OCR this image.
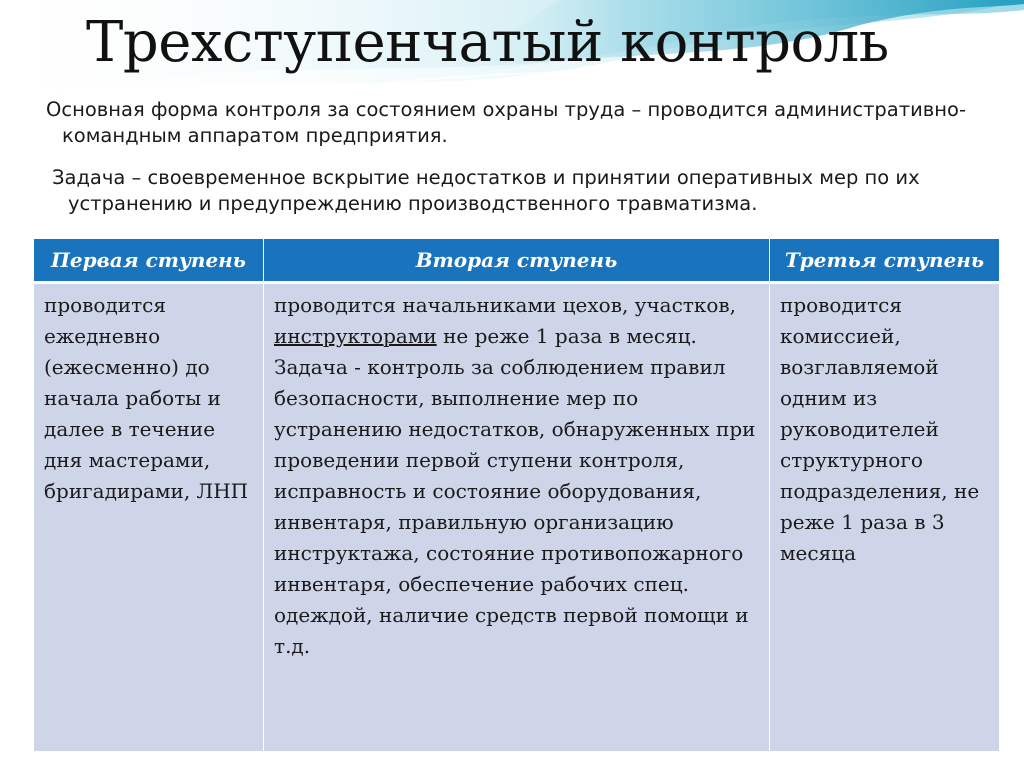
Трехступенчатый контроль

Основная форма контроля за состоянием охраны труда – проводится административно-командным аппаратом предприятия.

Задача – своевременное вскрытие недостатков и принятии оперативных мер по их устранению и предупреждению производственного травматизма.

Первая ступень	Вторая ступень	Третья ступень
проводится ежедневно (ежесменно) до начала работы и далее в течение дня мастерами, бригадирами, ЛНП	проводится начальниками цехов, участков, инструкторами не реже 1 раза в месяц. Задача - контроль за соблюдением правил безопасности, выполнение мер по устранению недостатков, обнаруженных при проведении первой ступени контроля, исправность и состояние оборудования, инвентаря, правильную организацию инструктажа, состояние противопожарного инвентаря, обеспечение рабочих спец. одеждой, наличие средств первой помощи и т.д.	проводится комиссией, возглавляемой одним из руководителей структурного подразделения, не реже 1 раза в 3 месяца
